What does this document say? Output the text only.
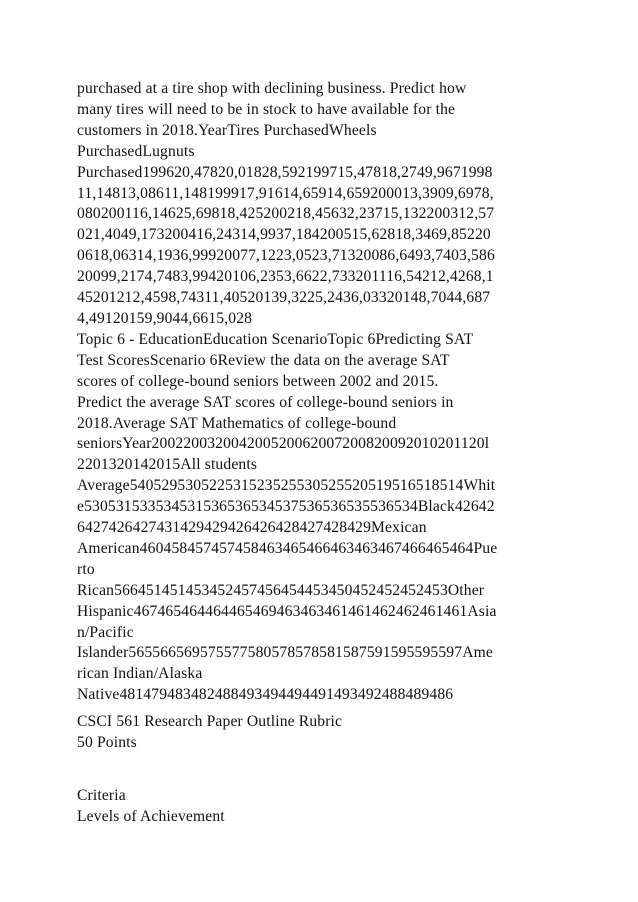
purchased at a tire shop with declining business. Predict how
many tires will need to be in stock to have available for the
customers in 2018.YearTires PurchasedWheels
PurchasedLugnuts
Purchased199620,47820,01828,592199715,47818,2749,9671998
11,14813,08611,148199917,91614,65914,659200013,3909,6978,
080200116,14625,69818,425200218,45632,23715,132200312,57
021,4049,173200416,24314,9937,184200515,62818,3469,85220
0618,06314,1936,99920077,1223,0523,71320086,6493,7403,586
20099,2174,7483,99420106,2353,6622,733201116,54212,4268,1
45201212,4598,74311,40520139,3225,2436,03320148,7044,687
4,49120159,9044,6615,028
Topic 6 - EducationEducation ScenarioTopic 6Predicting SAT
Test ScoresScenario 6Review the data on the average SAT
scores of college-bound seniors between 2002 and 2015.
Predict the average SAT scores of college-bound seniors in
2018.Average SAT Mathematics of college-bound
seniorsYear200220032004200520062007200820092010201120l
2201320142015All students
Average540529530522531523525530525520519516518514Whit
e530531533534531536536534537536536535536534Black42642
6427426427431429429426426428427428429Mexican
American460458457457458463465466463463467466465464Pue
rto
Rican566451451453452457456454453450452452452453Other
Hispanic467465464464465469463463461461462462461461Asia
n/Pacific
Islander565566569575577580578578581587591595595597Ame
rican Indian/Alaska
Native481479483482488493494494491493492488489486
CSCI 561 Research Paper Outline Rubric
50 Points
Criteria
Levels of Achievement
